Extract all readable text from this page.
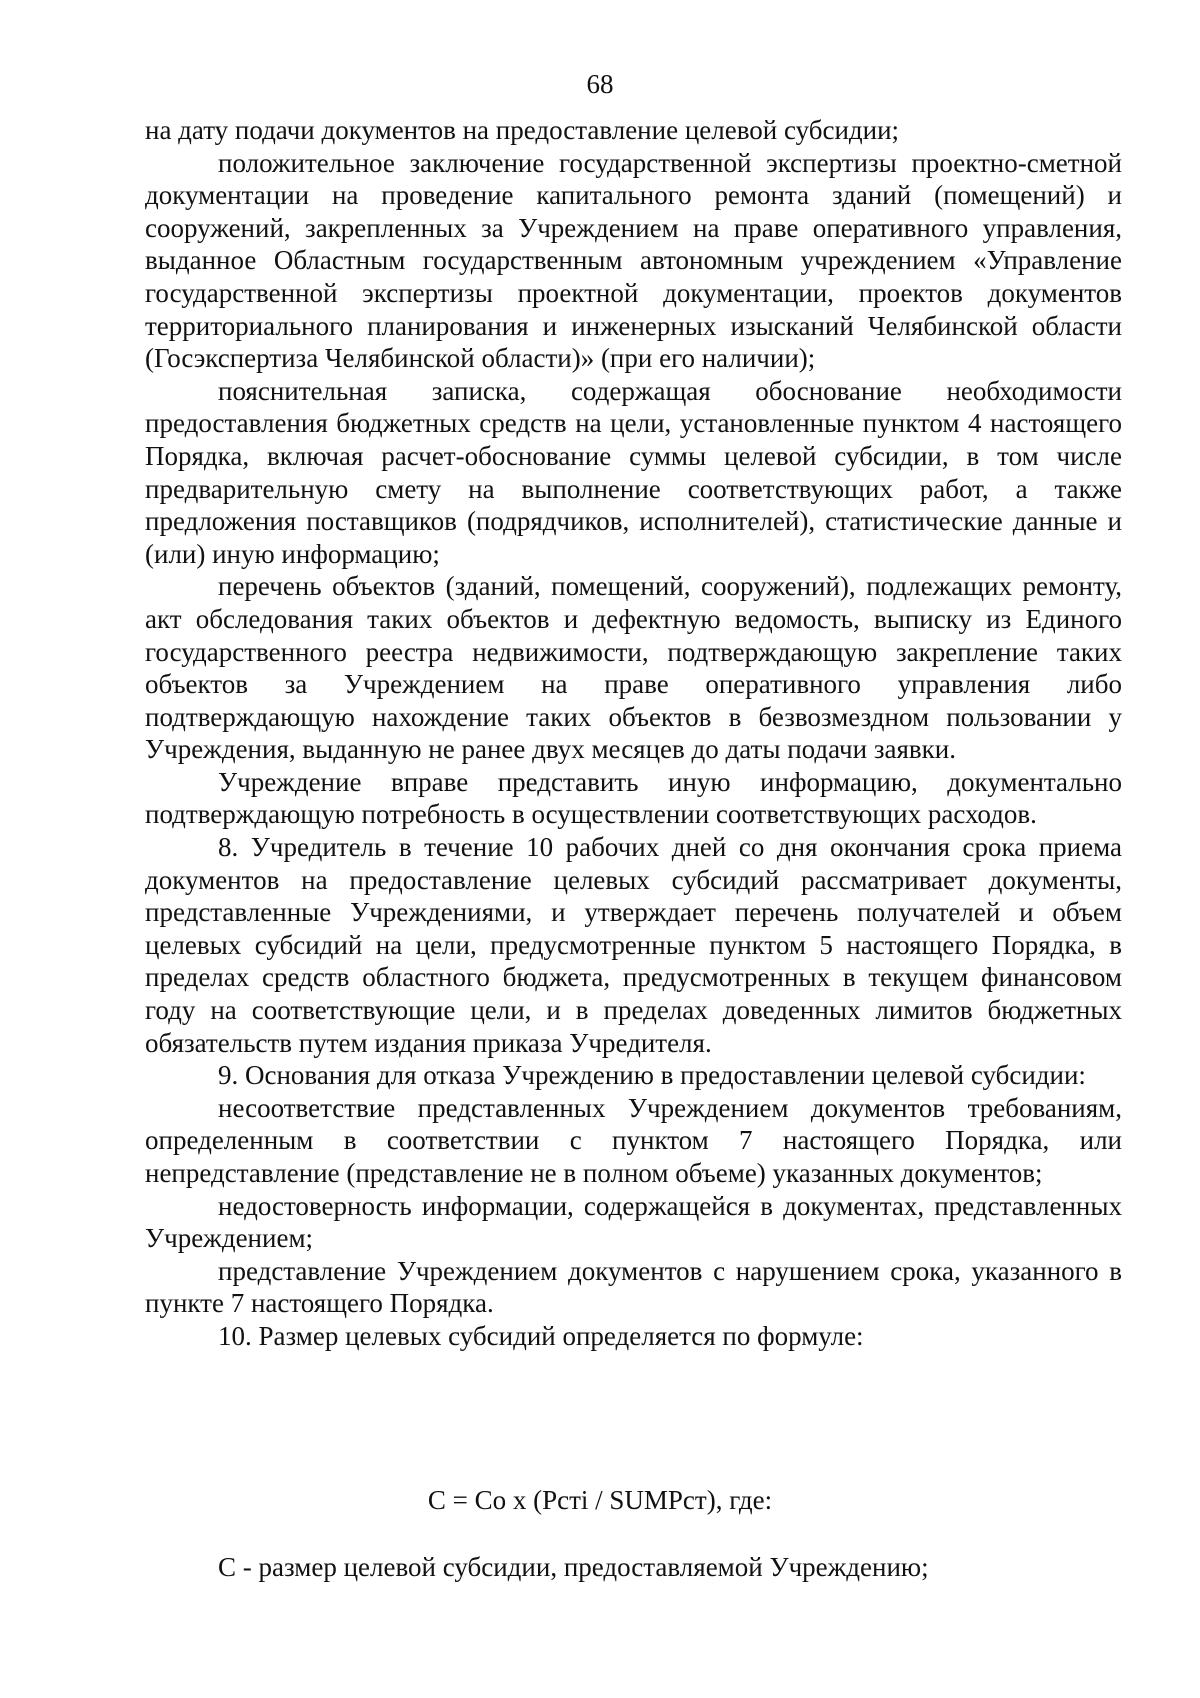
68

на дату подачи документов на предоставление целевой субсидии;

положительное заключение государственной экспертизы проектно-сметной документации на проведение капитального ремонта зданий (помещений) и сооружений, закрепленных за Учреждением на праве оперативного управления, выданное Областным государственным автономным учреждением «Управление государственной экспертизы проектной документации, проектов документов территориального планирования и инженерных изысканий Челябинской области (Госэкспертиза Челябинской области)» (при его наличии);

пояснительная записка, содержащая обоснование необходимости предоставления бюджетных средств на цели, установленные пунктом 4 настоящего Порядка, включая расчет-обоснование суммы целевой субсидии, в том числе предварительную смету на выполнение соответствующих работ, а также предложения поставщиков (подрядчиков, исполнителей), статистические данные и (или) иную информацию;

перечень объектов (зданий, помещений, сооружений), подлежащих ремонту, акт обследования таких объектов и дефектную ведомость, выписку из Единого государственного реестра недвижимости, подтверждающую закрепление таких объектов за Учреждением на праве оперативного управления либо подтверждающую нахождение таких объектов в безвозмездном пользовании у Учреждения, выданную не ранее двух месяцев до даты подачи заявки.

Учреждение вправе представить иную информацию, документально подтверждающую потребность в осуществлении соответствующих расходов.

8. Учредитель в течение 10 рабочих дней со дня окончания срока приема документов на предоставление целевых субсидий рассматривает документы, представленные Учреждениями, и утверждает перечень получателей и объем целевых субсидий на цели, предусмотренные пунктом 5 настоящего Порядка, в пределах средств областного бюджета, предусмотренных в текущем финансовом году на соответствующие цели, и в пределах доведенных лимитов бюджетных обязательств путем издания приказа Учредителя.

9. Основания для отказа Учреждению в предоставлении целевой субсидии:

несоответствие представленных Учреждением документов требованиям, определенным в соответствии с пунктом 7 настоящего Порядка, или непредставление (представление не в полном объеме) указанных документов;

недостоверность информации, содержащейся в документах, представленных Учреждением;

представление Учреждением документов с нарушением срока, указанного в пункте 7 настоящего Порядка.

10. Размер целевых субсидий определяется по формуле:

C = Co x (Pcтi / SUMPcт), где:
C - размер целевой субсидии, предоставляемой Учреждению;
